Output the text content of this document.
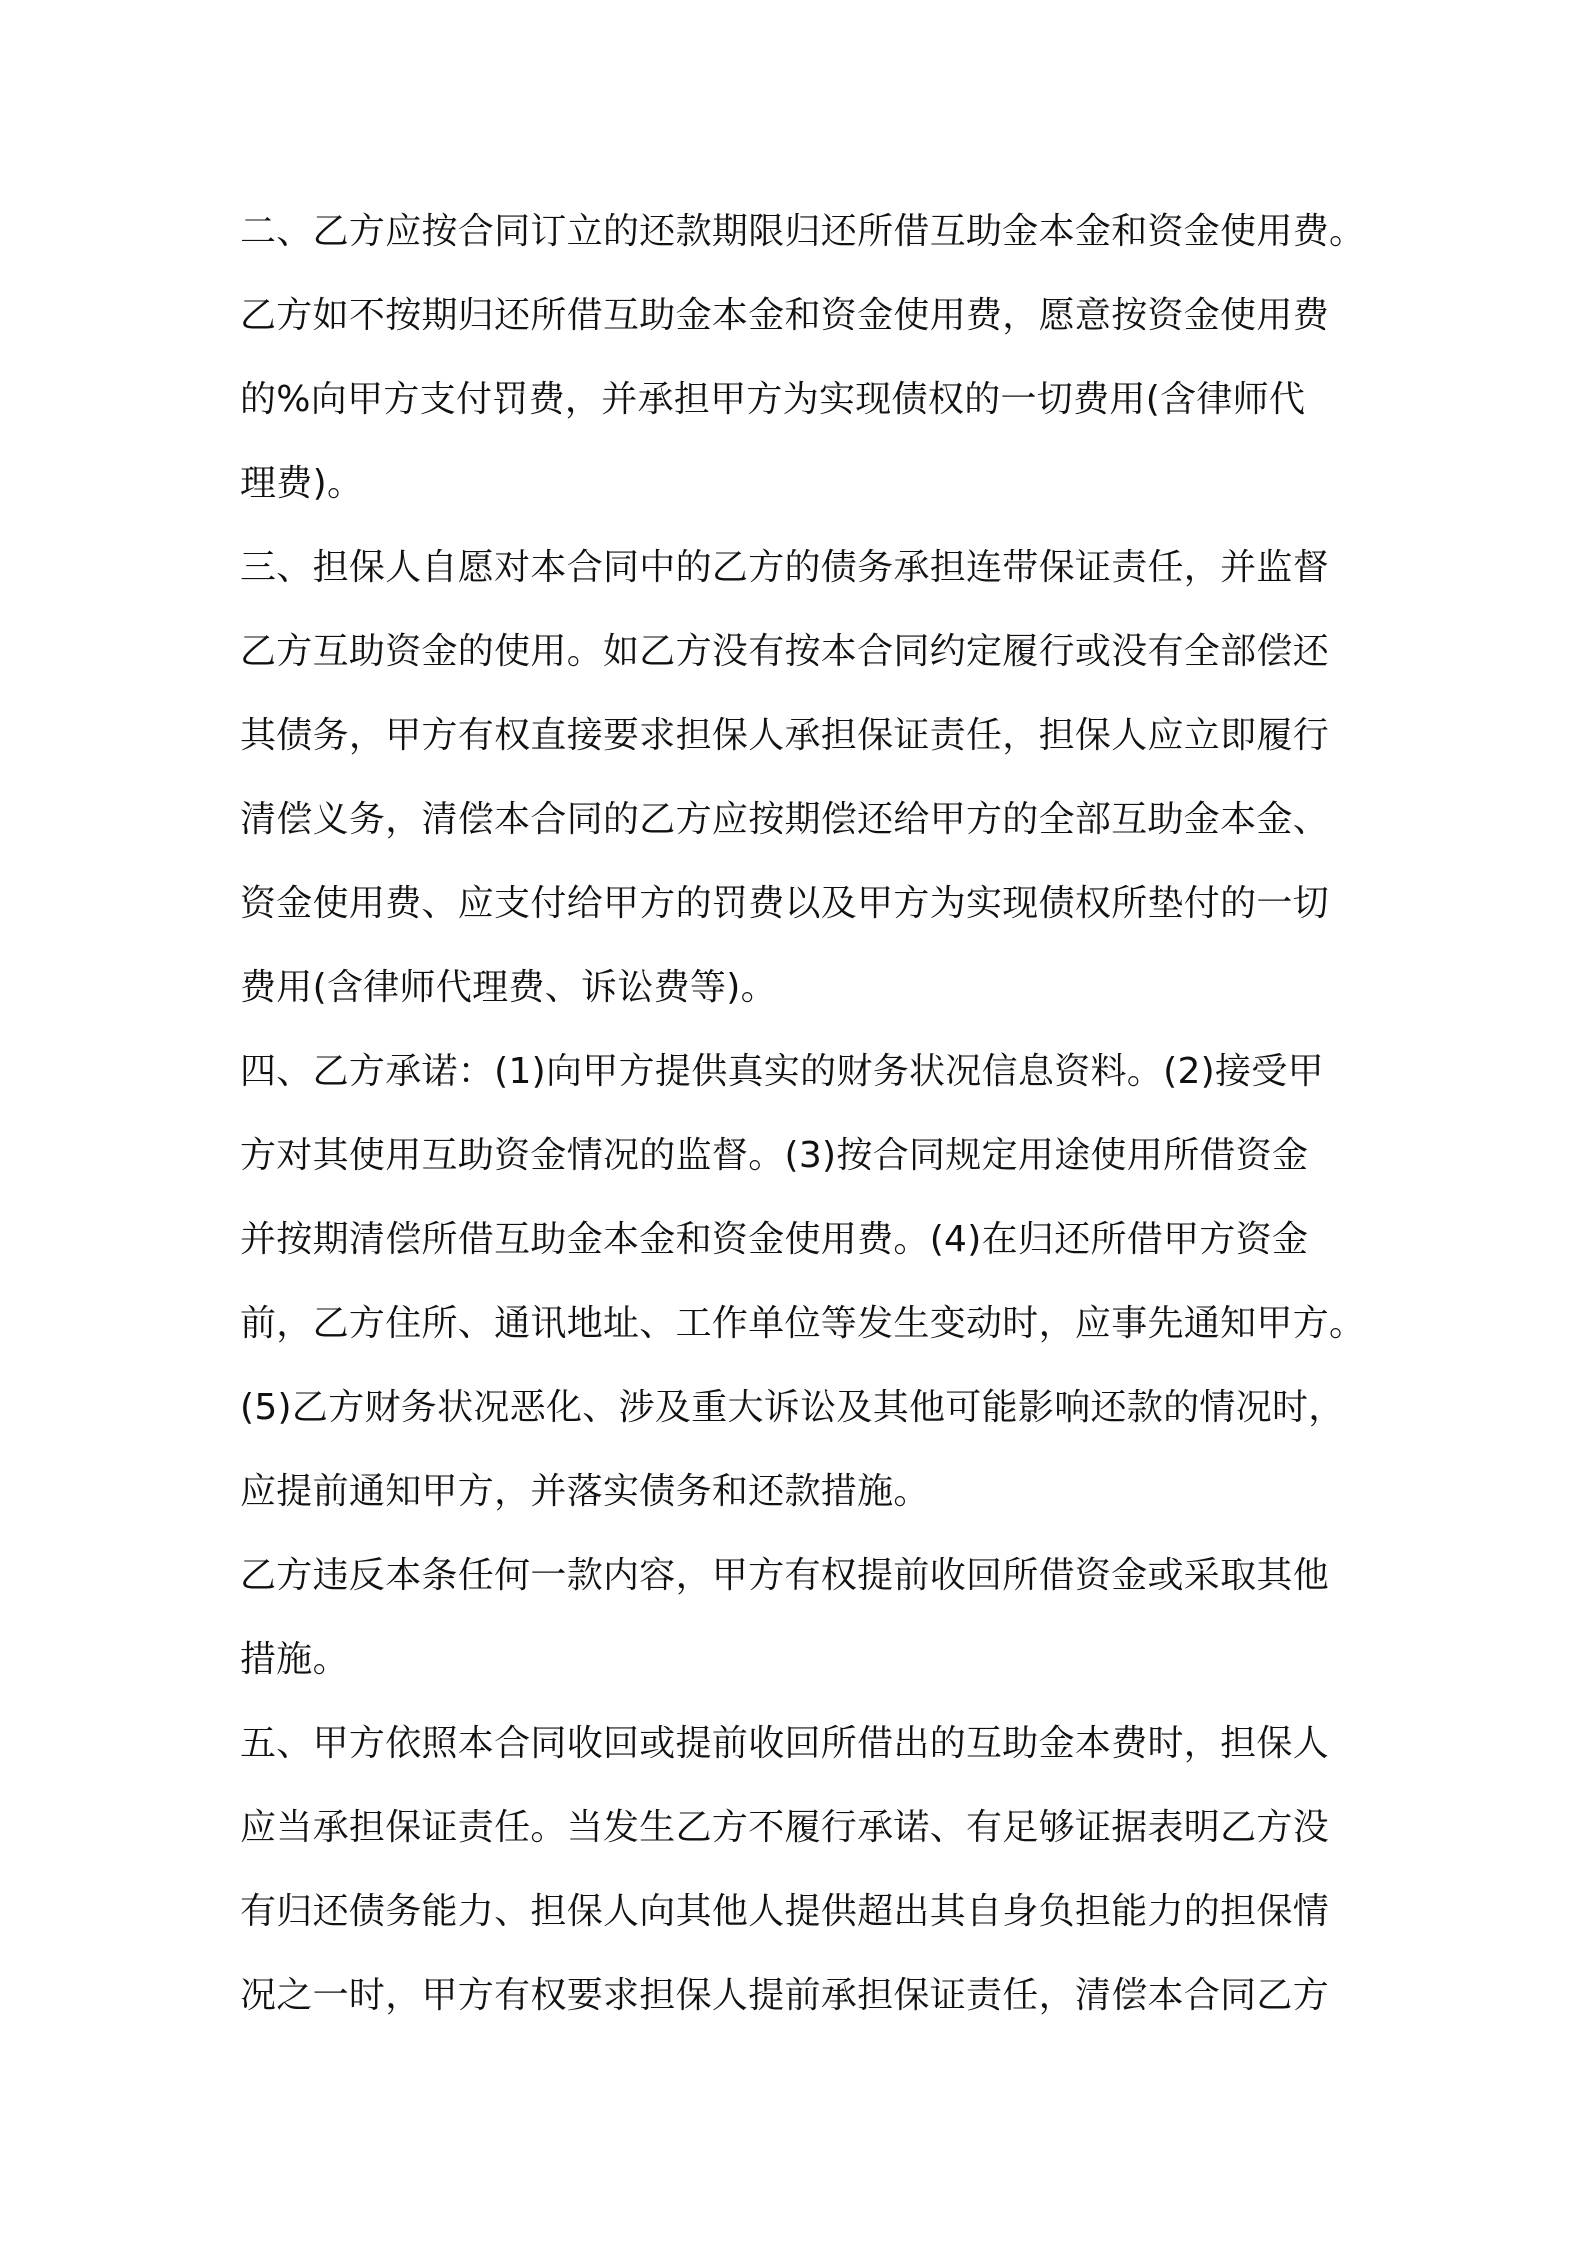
二、乙方应按合同订立的还款期限归还所借互助金本金和资金使用费。
乙方如不按期归还所借互助金本金和资金使用费，愿意按资金使用费
的%向甲方支付罚费，并承担甲方为实现债权的一切费用(含律师代
理费)。
三、担保人自愿对本合同中的乙方的债务承担连带保证责任，并监督
乙方互助资金的使用。如乙方没有按本合同约定履行或没有全部偿还
其债务，甲方有权直接要求担保人承担保证责任，担保人应立即履行
清偿义务，清偿本合同的乙方应按期偿还给甲方的全部互助金本金、
资金使用费、应支付给甲方的罚费以及甲方为实现债权所垫付的一切
费用(含律师代理费、诉讼费等)。
四、乙方承诺：(1)向甲方提供真实的财务状况信息资料。(2)接受甲
方对其使用互助资金情况的监督。(3)按合同规定用途使用所借资金
并按期清偿所借互助金本金和资金使用费。(4)在归还所借甲方资金
前，乙方住所、通讯地址、工作单位等发生变动时，应事先通知甲方。
(5)乙方财务状况恶化、涉及重大诉讼及其他可能影响还款的情况时，
应提前通知甲方，并落实债务和还款措施。
乙方违反本条任何一款内容，甲方有权提前收回所借资金或采取其他
措施。
五、甲方依照本合同收回或提前收回所借出的互助金本费时，担保人
应当承担保证责任。当发生乙方不履行承诺、有足够证据表明乙方没
有归还债务能力、担保人向其他人提供超出其自身负担能力的担保情
况之一时，甲方有权要求担保人提前承担保证责任，清偿本合同乙方
